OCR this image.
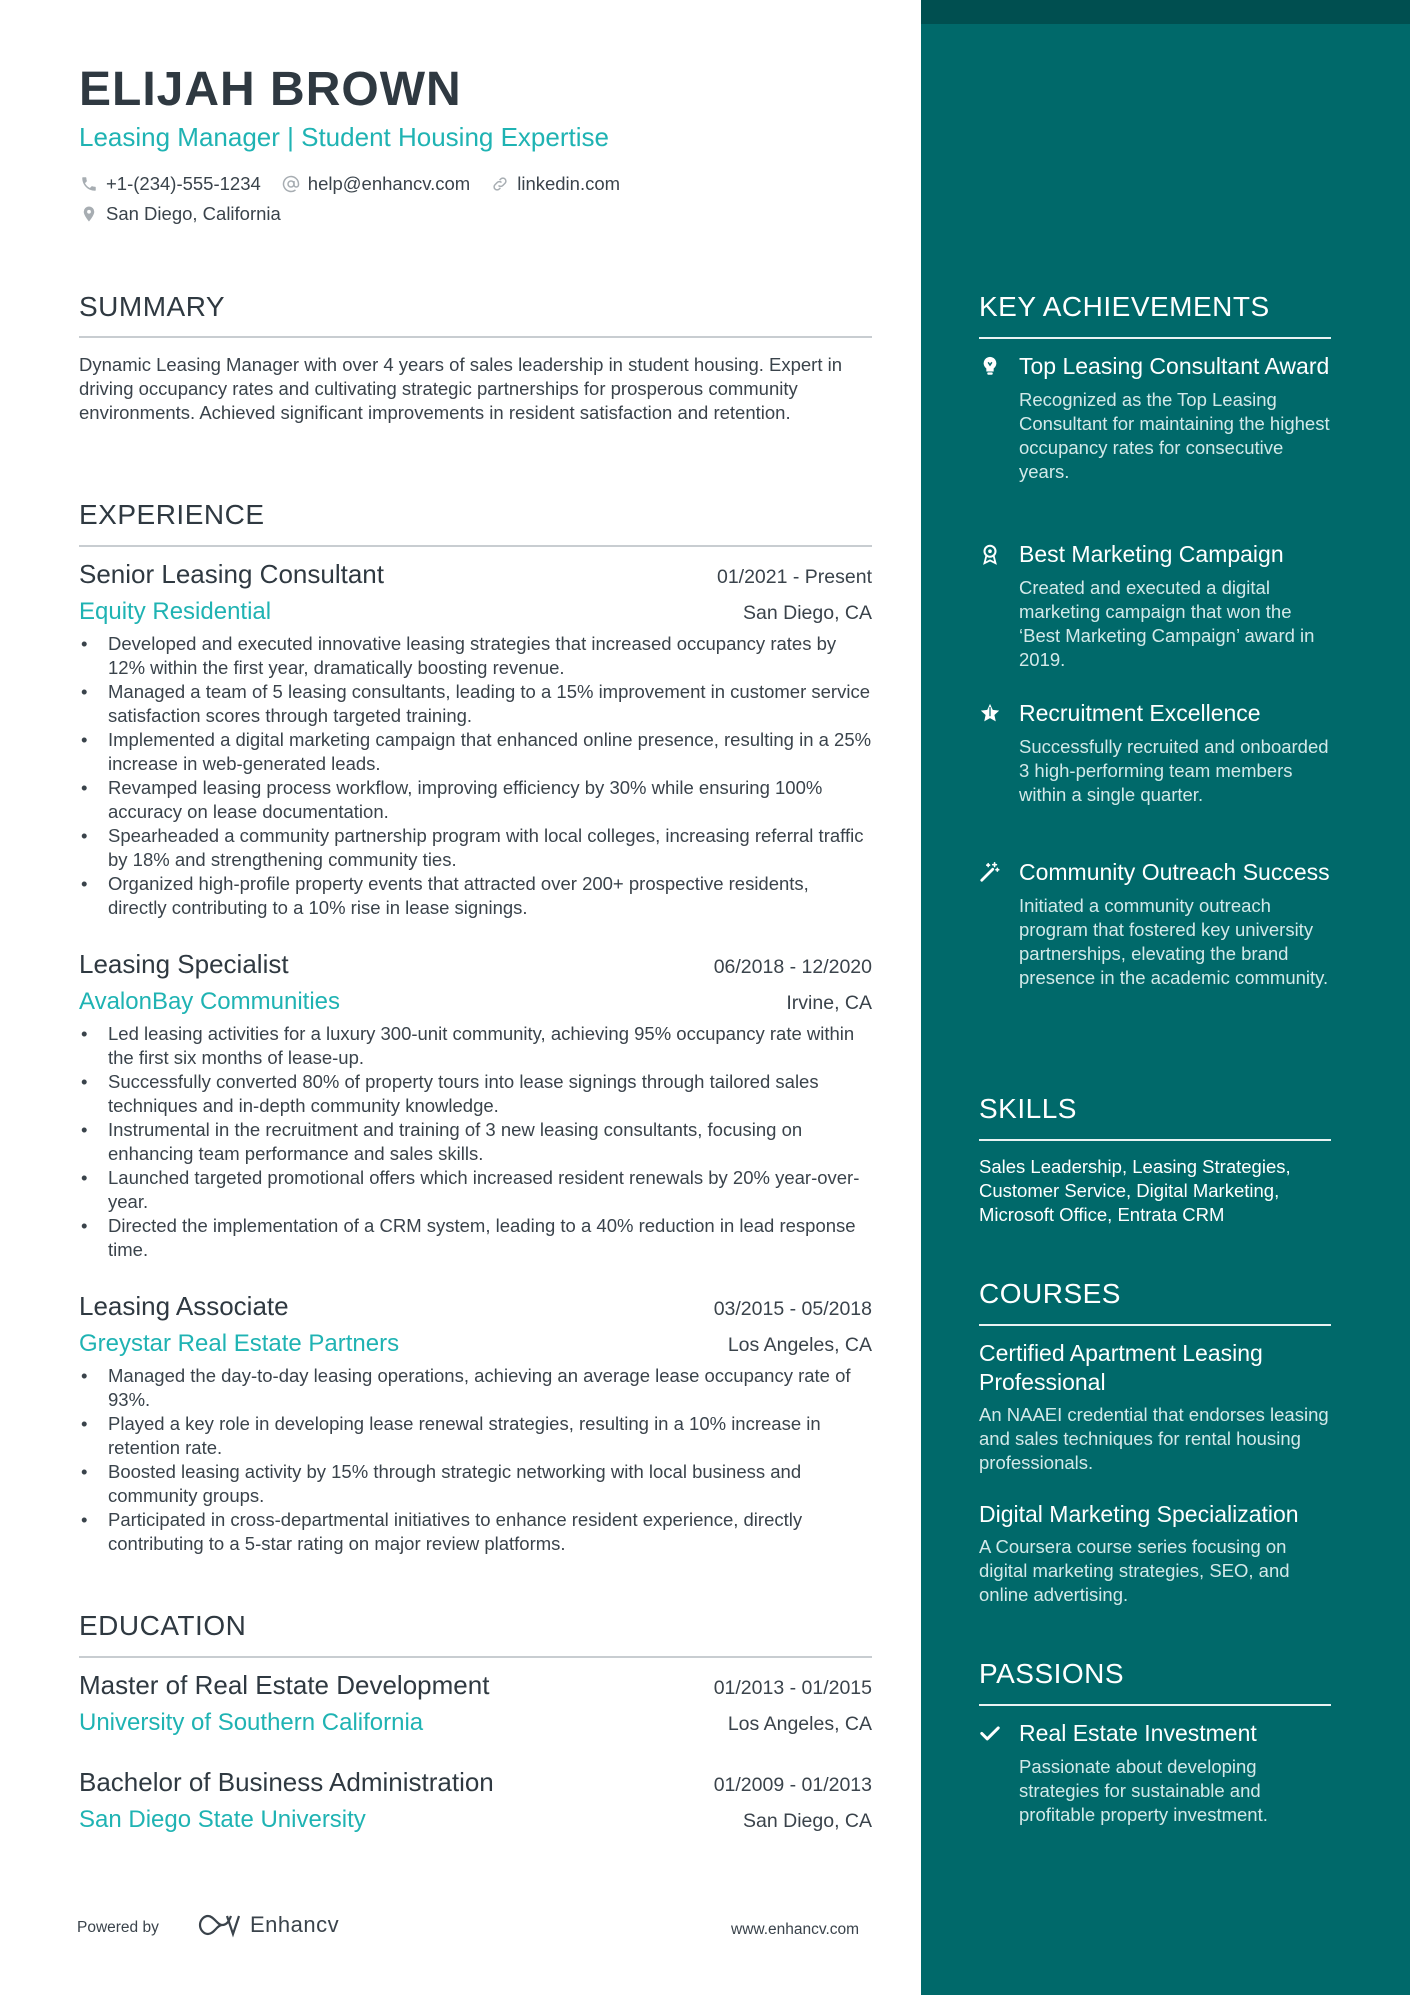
ELIJAH BROWN
Leasing Manager | Student Housing Expertise
+1-(234)-555-1234	help@enhancv.com	linkedin.com
San Diego, California
SUMMARY
Dynamic Leasing Manager with over 4 years of sales leadership in student housing. Expert in driving occupancy rates and cultivating strategic partnerships for prosperous community environments. Achieved significant improvements in resident satisfaction and retention.
EXPERIENCE
Senior Leasing Consultant	01/2021 - Present
Equity Residential	San Diego, CA
• Developed and executed innovative leasing strategies that increased occupancy rates by 12% within the first year, dramatically boosting revenue.
• Managed a team of 5 leasing consultants, leading to a 15% improvement in customer service satisfaction scores through targeted training.
• Implemented a digital marketing campaign that enhanced online presence, resulting in a 25% increase in web-generated leads.
• Revamped leasing process workflow, improving efficiency by 30% while ensuring 100% accuracy on lease documentation.
• Spearheaded a community partnership program with local colleges, increasing referral traffic by 18% and strengthening community ties.
• Organized high-profile property events that attracted over 200+ prospective residents, directly contributing to a 10% rise in lease signings.
Leasing Specialist	06/2018 - 12/2020
AvalonBay Communities	Irvine, CA
• Led leasing activities for a luxury 300-unit community, achieving 95% occupancy rate within the first six months of lease-up.
• Successfully converted 80% of property tours into lease signings through tailored sales techniques and in-depth community knowledge.
• Instrumental in the recruitment and training of 3 new leasing consultants, focusing on enhancing team performance and sales skills.
• Launched targeted promotional offers which increased resident renewals by 20% year-over-year.
• Directed the implementation of a CRM system, leading to a 40% reduction in lead response time.
Leasing Associate	03/2015 - 05/2018
Greystar Real Estate Partners	Los Angeles, CA
• Managed the day-to-day leasing operations, achieving an average lease occupancy rate of 93%.
• Played a key role in developing lease renewal strategies, resulting in a 10% increase in retention rate.
• Boosted leasing activity by 15% through strategic networking with local business and community groups.
• Participated in cross-departmental initiatives to enhance resident experience, directly contributing to a 5-star rating on major review platforms.
EDUCATION
Master of Real Estate Development	01/2013 - 01/2015
University of Southern California	Los Angeles, CA
Bachelor of Business Administration	01/2009 - 01/2013
San Diego State University	San Diego, CA
Powered by	Enhancv	www.enhancv.com
KEY ACHIEVEMENTS
Top Leasing Consultant Award
Recognized as the Top Leasing Consultant for maintaining the highest occupancy rates for consecutive years.
Best Marketing Campaign
Created and executed a digital marketing campaign that won the ‘Best Marketing Campaign’ award in 2019.
Recruitment Excellence
Successfully recruited and onboarded 3 high-performing team members within a single quarter.
Community Outreach Success
Initiated a community outreach program that fostered key university partnerships, elevating the brand presence in the academic community.
SKILLS
Sales Leadership, Leasing Strategies, Customer Service, Digital Marketing, Microsoft Office, Entrata CRM
COURSES
Certified Apartment Leasing Professional
An NAAEI credential that endorses leasing and sales techniques for rental housing professionals.
Digital Marketing Specialization
A Coursera course series focusing on digital marketing strategies, SEO, and online advertising.
PASSIONS
Real Estate Investment
Passionate about developing strategies for sustainable and profitable property investment.
